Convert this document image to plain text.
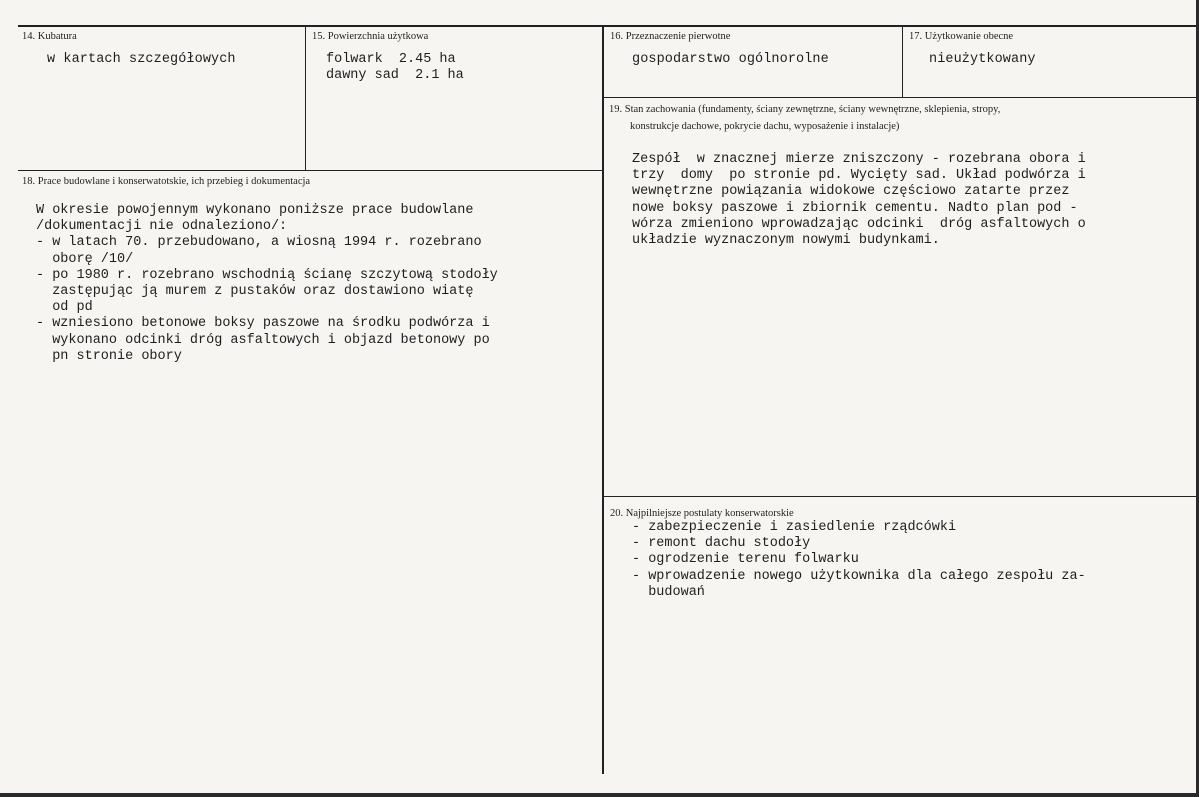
14. Kubatura
w kartach szczegółowych
15. Powierzchnia użytkowa
folwark  2.45 ha
dawny sad  2.1 ha
16. Przeznaczenie pierwotne
gospodarstwo ogólnorolne
17. Użytkowanie obecne
nieużytkowany
19. Stan zachowania (fundamenty, ściany zewnętrzne, ściany wewnętrzne, sklepienia, stropy,
konstrukcje dachowe, pokrycie dachu, wyposażenie i instalacje)
Zespół  w znacznej mierze zniszczony - rozebrana obora i
trzy  domy  po stronie pd. Wycięty sad. Układ podwórza i
wewnętrzne powiązania widokowe częściowo zatarte przez
nowe boksy paszowe i zbiornik cementu. Nadto plan pod -
wórza zmieniono wprowadzając odcinki  dróg asfaltowych o
układzie wyznaczonym nowymi budynkami.
18. Prace budowlane i konserwatotskie, ich przebieg i dokumentacja
W okresie powojennym wykonano poniższe prace budowlane
/dokumentacji nie odnaleziono/:
- w latach 70. przebudowano, a wiosną 1994 r. rozebrano
oborę /10/
- po 1980 r. rozebrano wschodnią ścianę szczytową stodoły
zastępując ją murem z pustaków oraz dostawiono wiatę
od pd
- wzniesiono betonowe boksy paszowe na środku podwórza i
wykonano odcinki dróg asfaltowych i objazd betonowy po
pn stronie obory
20. Najpilniejsze postulaty konserwatorskie
- zabezpieczenie i zasiedlenie rządcówki
- remont dachu stodoły
- ogrodzenie terenu folwarku
- wprowadzenie nowego użytkownika dla całego zespołu za-
budowań
